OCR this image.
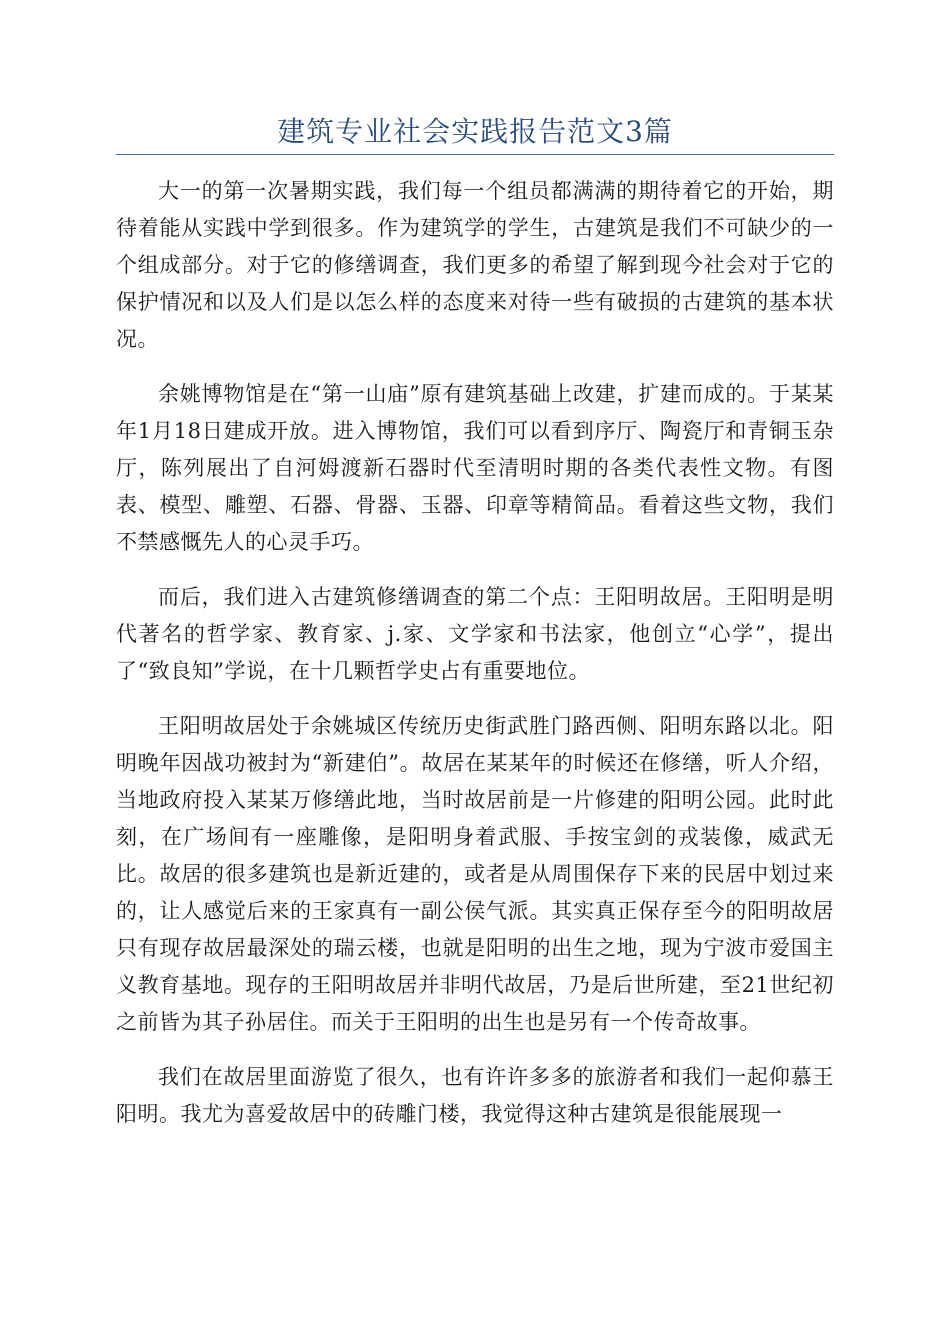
建筑专业社会实践报告范文3篇

大一的第一次暑期实践，我们每一个组员都满满的期待着它的开始，期待着能从实践中学到很多。作为建筑学的学生，古建筑是我们不可缺少的一个组成部分。对于它的修缮调查，我们更多的希望了解到现今社会对于它的保护情况和以及人们是以怎么样的态度来对待一些有破损的古建筑的基本状况。

余姚博物馆是在“第一山庙”原有建筑基础上改建，扩建而成的。于某某年1月18日建成开放。进入博物馆，我们可以看到序厅、陶瓷厅和青铜玉杂厅，陈列展出了自河姆渡新石器时代至清明时期的各类代表性文物。有图表、模型、雕塑、石器、骨器、玉器、印章等精简品。看着这些文物，我们不禁感慨先人的心灵手巧。

而后，我们进入古建筑修缮调查的第二个点：王阳明故居。王阳明是明代著名的哲学家、教育家、j.家、文学家和书法家，他创立“心学”，提出了“致良知”学说，在十几颗哲学史占有重要地位。

王阳明故居处于余姚城区传统历史街武胜门路西侧、阳明东路以北。阳明晚年因战功被封为“新建伯”。故居在某某年的时候还在修缮，听人介绍，当地政府投入某某万修缮此地，当时故居前是一片修建的阳明公园。此时此刻，在广场间有一座雕像，是阳明身着武服、手按宝剑的戎装像，威武无比。故居的很多建筑也是新近建的，或者是从周围保存下来的民居中划过来的，让人感觉后来的王家真有一副公侯气派。其实真正保存至今的阳明故居只有现存故居最深处的瑞云楼，也就是阳明的出生之地，现为宁波市爱国主义教育基地。现存的王阳明故居并非明代故居，乃是后世所建，至21世纪初之前皆为其子孙居住。而关于王阳明的出生也是另有一个传奇故事。

我们在故居里面游览了很久，也有许许多多的旅游者和我们一起仰慕王阳明。我尤为喜爱故居中的砖雕门楼，我觉得这种古建筑是很能展现一
